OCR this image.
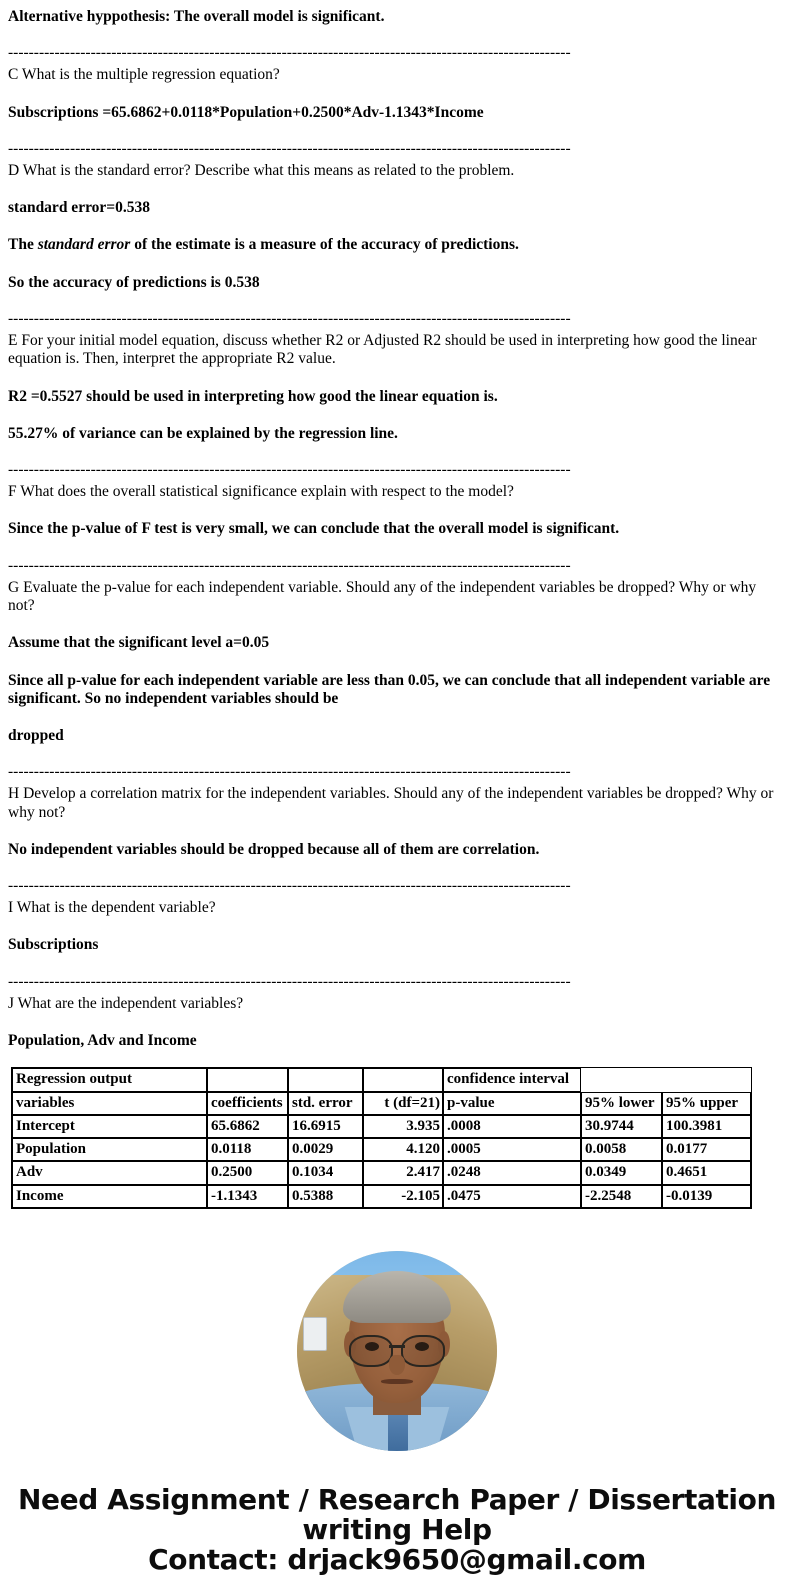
Alternative hyppothesis: The overall model is significant.
-------------------------------------------------------------------------------------------------------------
C What is the multiple regression equation?
Subscriptions =65.6862+0.0118*Population+0.2500*Adv-1.1343*Income
-------------------------------------------------------------------------------------------------------------
D What is the standard error? Describe what this means as related to the problem.
standard error=0.538
The standard error of the estimate is a measure of the accuracy of predictions.
So the accuracy of predictions is 0.538
-------------------------------------------------------------------------------------------------------------
E For your initial model equation, discuss whether R2 or Adjusted R2 should be used in interpreting how good the linear equation is. Then, interpret the appropriate R2 value.
R2 =0.5527 should be used in interpreting how good the linear equation is.
55.27% of variance can be explained by the regression line.
-------------------------------------------------------------------------------------------------------------
F What does the overall statistical significance explain with respect to the model?
Since the p-value of F test is very small, we can conclude that the overall model is significant.
-------------------------------------------------------------------------------------------------------------
G Evaluate the p-value for each independent variable. Should any of the independent variables be dropped? Why or why not?
Assume that the significant level a=0.05
Since all p-value for each independent variable are less than 0.05, we can conclude that all independent variable are significant. So no independent variables should be
dropped
-------------------------------------------------------------------------------------------------------------
H Develop a correlation matrix for the independent variables. Should any of the independent variables be dropped? Why or why not?
No independent variables should be dropped because all of them are correlation.
-------------------------------------------------------------------------------------------------------------
I What is the dependent variable?
Subscriptions
-------------------------------------------------------------------------------------------------------------
J What are the independent variables?
Population, Adv and Income
Regression output				confidence interval		
variables	coefficients	std. error	t (df=21)	p-value	95% lower	95% upper
Intercept	65.6862	16.6915	3.935	.0008	30.9744	100.3981
Population	0.0118	0.0029	4.120	.0005	0.0058	0.0177
Adv	0.2500	0.1034	2.417	.0248	0.0349	0.4651
Income	-1.1343	0.5388	-2.105	.0475	-2.2548	-0.0139
Need Assignment / Research Paper / Dissertation
writing Help
Contact: drjack9650@gmail.com
